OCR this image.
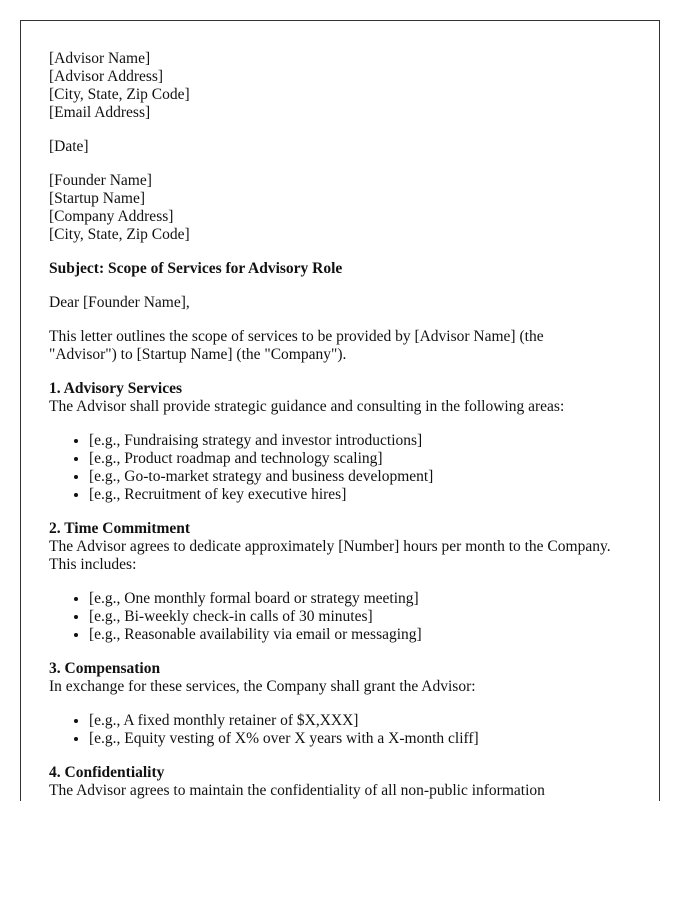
[Advisor Name]
[Advisor Address]
[City, State, Zip Code]
[Email Address]
[Date]
[Founder Name]
[Startup Name]
[Company Address]
[City, State, Zip Code]
Subject: Scope of Services for Advisory Role
Dear [Founder Name],
This letter outlines the scope of services to be provided by [Advisor Name] (the
"Advisor") to [Startup Name] (the "Company").
1. Advisory Services
The Advisor shall provide strategic guidance and consulting in the following areas:
• [e.g., Fundraising strategy and investor introductions]
• [e.g., Product roadmap and technology scaling]
• [e.g., Go-to-market strategy and business development]
• [e.g., Recruitment of key executive hires]
2. Time Commitment
The Advisor agrees to dedicate approximately [Number] hours per month to the Company.
This includes:
• [e.g., One monthly formal board or strategy meeting]
• [e.g., Bi-weekly check-in calls of 30 minutes]
• [e.g., Reasonable availability via email or messaging]
3. Compensation
In exchange for these services, the Company shall grant the Advisor:
• [e.g., A fixed monthly retainer of $X,XXX]
• [e.g., Equity vesting of X% over X years with a X-month cliff]
4. Confidentiality
The Advisor agrees to maintain the confidentiality of all non-public information
